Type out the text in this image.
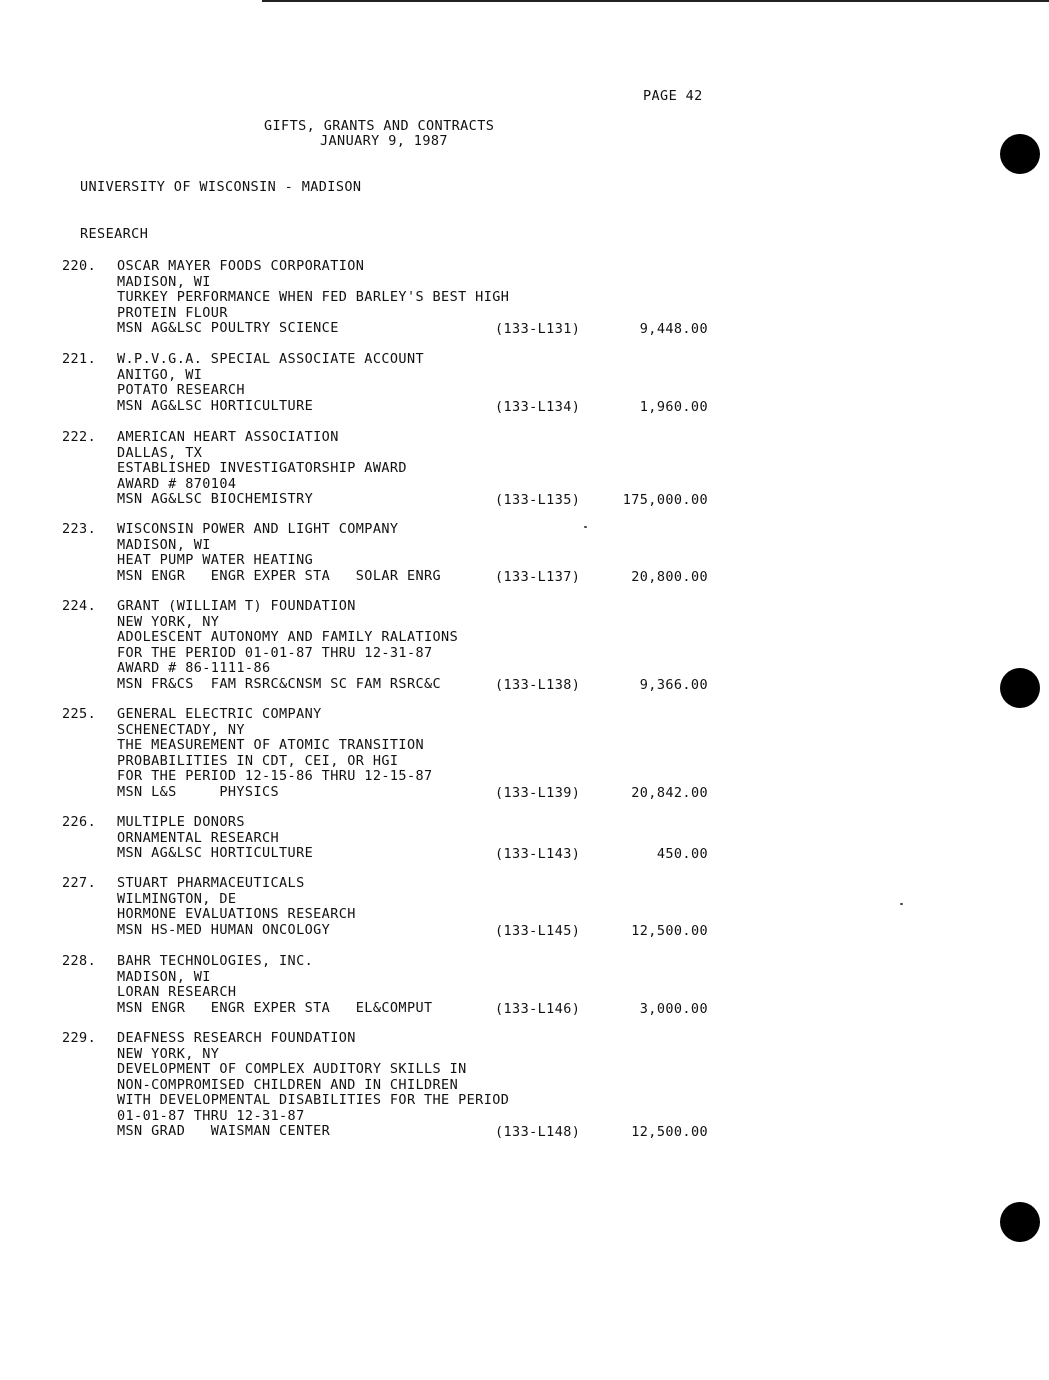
PAGE 42
GIFTS, GRANTS AND CONTRACTS
JANUARY 9, 1987
UNIVERSITY OF WISCONSIN - MADISON
RESEARCH
220. OSCAR MAYER FOODS CORPORATION
MADISON, WI
TURKEY PERFORMANCE WHEN FED BARLEY'S BEST HIGH
PROTEIN FLOUR
MSN AG&LSC POULTRY SCIENCE	(133-L131)	9,448.00
221. W.P.V.G.A. SPECIAL ASSOCIATE ACCOUNT
ANITGO, WI
POTATO RESEARCH
MSN AG&LSC HORTICULTURE	(133-L134)	1,960.00
222. AMERICAN HEART ASSOCIATION
DALLAS, TX
ESTABLISHED INVESTIGATORSHIP AWARD
AWARD # 870104
MSN AG&LSC BIOCHEMISTRY	(133-L135)	175,000.00
223. WISCONSIN POWER AND LIGHT COMPANY
MADISON, WI
HEAT PUMP WATER HEATING
MSN ENGR   ENGR EXPER STA   SOLAR ENRG	(133-L137)	20,800.00
224. GRANT (WILLIAM T) FOUNDATION
NEW YORK, NY
ADOLESCENT AUTONOMY AND FAMILY RALATIONS
FOR THE PERIOD 01-01-87 THRU 12-31-87
AWARD # 86-1111-86
MSN FR&CS  FAM RSRC&CNSM SC FAM RSRC&C	(133-L138)	9,366.00
225. GENERAL ELECTRIC COMPANY
SCHENECTADY, NY
THE MEASUREMENT OF ATOMIC TRANSITION
PROBABILITIES IN CDT, CEI, OR HGI
FOR THE PERIOD 12-15-86 THRU 12-15-87
MSN L&S     PHYSICS	(133-L139)	20,842.00
226. MULTIPLE DONORS
ORNAMENTAL RESEARCH
MSN AG&LSC HORTICULTURE	(133-L143)	450.00
227. STUART PHARMACEUTICALS
WILMINGTON, DE
HORMONE EVALUATIONS RESEARCH
MSN HS-MED HUMAN ONCOLOGY	(133-L145)	12,500.00
228. BAHR TECHNOLOGIES, INC.
MADISON, WI
LORAN RESEARCH
MSN ENGR   ENGR EXPER STA   EL&COMPUT	(133-L146)	3,000.00
229. DEAFNESS RESEARCH FOUNDATION
NEW YORK, NY
DEVELOPMENT OF COMPLEX AUDITORY SKILLS IN
NON-COMPROMISED CHILDREN AND IN CHILDREN
WITH DEVELOPMENTAL DISABILITIES FOR THE PERIOD
01-01-87 THRU 12-31-87
MSN GRAD   WAISMAN CENTER	(133-L148)	12,500.00
